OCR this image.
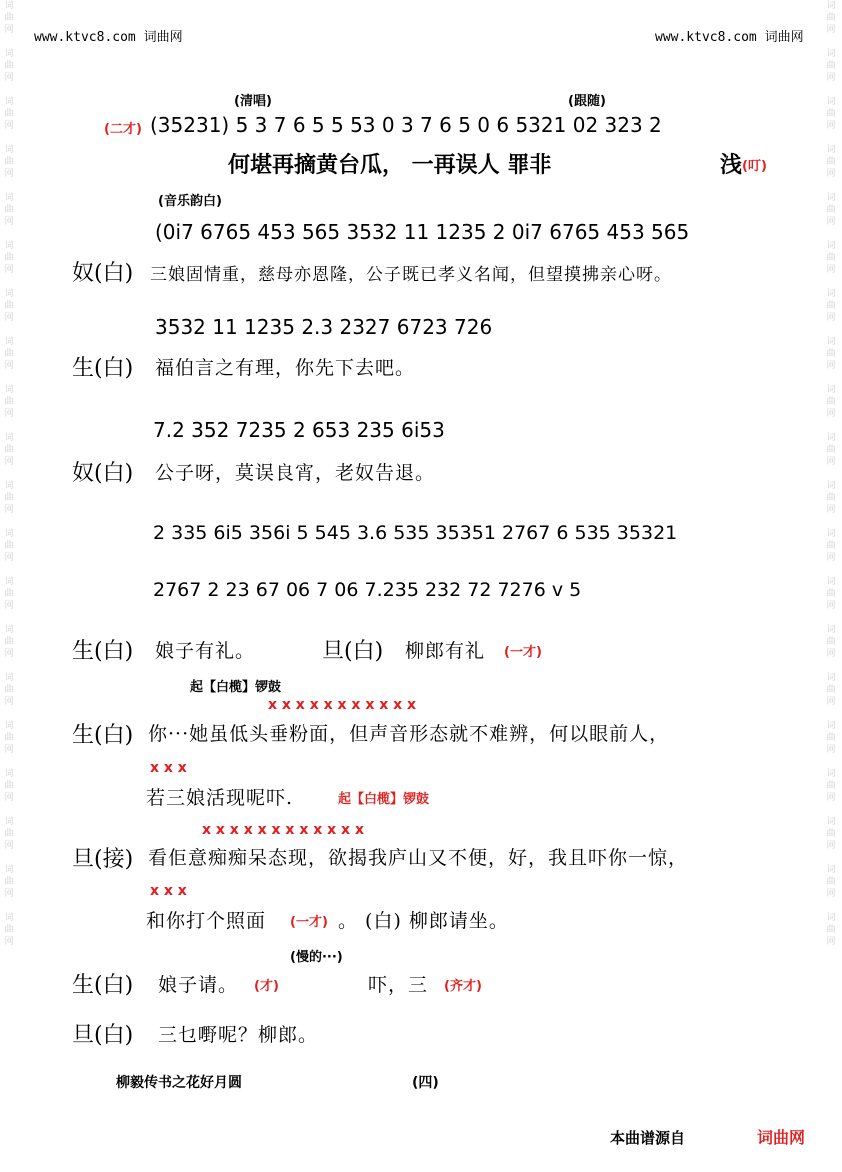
词曲网

词曲网

词曲网

词曲网

词曲网

词曲网

词曲网

词曲网

词曲网

词曲网

词曲网

词曲网

词曲网

词曲网

词曲网

词曲网

词曲网

词曲网

词曲网

词曲网
词曲网

词曲网

词曲网

词曲网

词曲网

词曲网

词曲网

词曲网

词曲网

词曲网

词曲网

词曲网

词曲网

词曲网

词曲网

词曲网

词曲网

词曲网

词曲网

词曲网
www.ktvc8.com 词曲网	www.ktvc8.com 词曲网
(清唱)	(跟随)
(二才) (35231) 5 3 7 6 5 5 53 0 3 7 6 5 0 6 5321 02 323 2
何堪再摘黄台瓜， 一再误人 罪非	浅 (叮)
(音乐韵白)
(0i7 6765 453 565 3532 11 1235 2 0i7 6765 453 565
奴(白) 三娘固情重，慈母亦恩隆，公子既已孝义名闻，但望摸拂亲心呀。
3532 11 1235 2.3 2327 6723 726
生(白) 福伯言之有理，你先下去吧。
7.2 352 7235 2 653 235 6i53
奴(白) 公子呀，莫误良宵，老奴告退。
2 335 6i5 356i 5 545 3.6 535 35351 2767 6 535 35321
2767 2 23 67 06 7 06 7.235 232 72 7276 v 5
生(白) 娘子有礼。	旦(白) 柳郎有礼 (一才)
起【白榄】锣鼓
x x x x x x x x x x x
生(白) 你···她虽低头垂粉面，但声音形态就不难辨，何以眼前人，
x x x
若三娘活现呢吓.	起【白榄】锣鼓
x x x x x x x x x x x x
旦(接) 看佢意痴痴呆态现，欲揭我庐山又不便，好，我且吓你一惊，
x x x
和你打个照面 (一才) 。 (白) 柳郎请坐。
(慢的···)
生(白) 娘子请。 (才)	吓，三 (齐才)
旦(白) 三乜嘢呢？柳郎。
柳毅传书之花好月圆	(四)
本曲谱源自	词曲网
